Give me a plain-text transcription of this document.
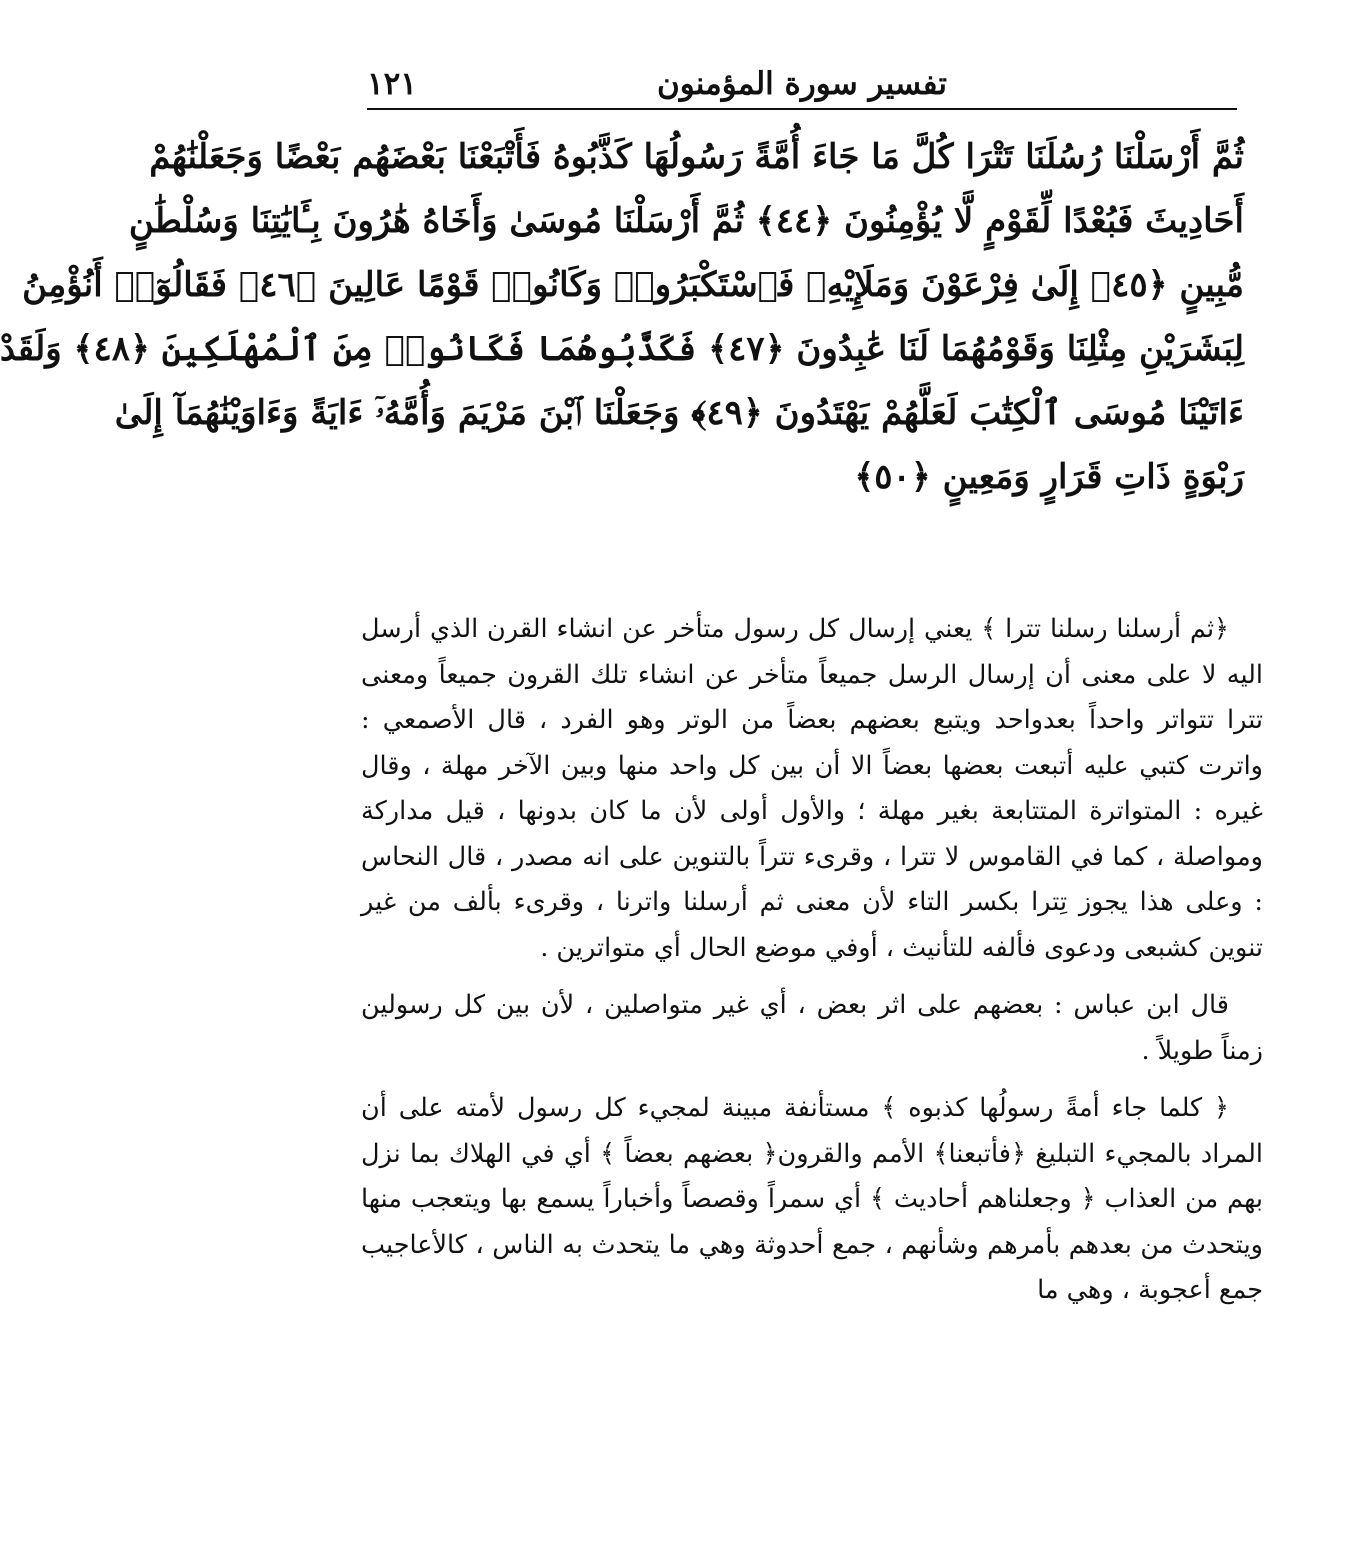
تفسير سورة المؤمنون
١٢١
ثُمَّ أَرْسَلْنَا رُسُلَنَا تَتْرَا كُلَّ مَا جَاءَ أُمَّةً رَسُولُهَا كَذَّبُوهُ فَأَتْبَعْنَا بَعْضَهُم بَعْضًا وَجَعَلْنَٰهُمْ
أَحَادِيثَ فَبُعْدًا لِّقَوْمٍ لَّا يُؤْمِنُونَ ﴿٤٤﴾ ثُمَّ أَرْسَلْنَا مُوسَىٰ وَأَخَاهُ هَٰرُونَ بِـَٔايَٰتِنَا وَسُلْطَٰنٍ
مُّبِينٍ ﴿٤٥﴾ إِلَىٰ فِرْعَوْنَ وَمَلَإِيْهِۦ فَٱسْتَكْبَرُوا۟ وَكَانُوا۟ قَوْمًا عَالِينَ ﴿٤٦﴾ فَقَالُوٓا۟ أَنُؤْمِنُ
لِبَشَرَيْنِ مِثْلِنَا وَقَوْمُهُمَا لَنَا عَٰبِدُونَ ﴿٤٧﴾ فَكَذَّبُوهُمَا فَكَانُوا۟ مِنَ ٱلْمُهْلَكِينَ ﴿٤٨﴾ وَلَقَدْ
ءَاتَيْنَا مُوسَى ٱلْكِتَٰبَ لَعَلَّهُمْ يَهْتَدُونَ ﴿٤٩﴾ وَجَعَلْنَا ٱبْنَ مَرْيَمَ وَأُمَّهُۥٓ ءَايَةً وَءَاوَيْنَٰهُمَآ إِلَىٰ
رَبْوَةٍ ذَاتِ قَرَارٍ وَمَعِينٍ ﴿٥٠﴾

﴿ثم أرسلنا رسلنا تترا ﴾ يعني إرسال كل رسول متأخر عن انشاء القرن الذي أرسل اليه لا على معنى أن إرسال الرسل جميعاً متأخر عن انشاء تلك القرون جميعاً ومعنى تترا تتواتر واحداً بعدواحد ويتبع بعضهم بعضاً من الوتر وهو الفرد ، قال الأصمعي : واترت كتبي عليه أتبعت بعضها بعضاً الا أن بين كل واحد منها وبين الآخر مهلة ، وقال غيره : المتواترة المتتابعة بغير مهلة ؛ والأول أولى لأن ما كان بدونها ، قيل مداركة ومواصلة ، كما في القاموس لا تترا ، وقرىء تتراً بالتنوين على انه مصدر ، قال النحاس : وعلى هذا يجوز تِترا بكسر التاء لأن معنى ثم أرسلنا واترنا ، وقرىء بألف من غير تنوين كشبعى ودعوى فألفه للتأنيث ، أوفي موضع الحال أي متواترين .

قال ابن عباس : بعضهم على اثر بعض ، أي غير متواصلين ، لأن بين كل رسولين زمناً طويلاً .

﴿ كلما جاء أمةً رسولُها كذبوه ﴾ مستأنفة مبينة لمجيء كل رسول لأمته على أن المراد بالمجيء التبليغ ﴿فأتبعنا﴾ الأمم والقرون﴿ بعضهم بعضاً ﴾ أي في الهلاك بما نزل بهم من العذاب ﴿ وجعلناهم أحاديث ﴾ أي سمراً وقصصاً وأخباراً يسمع بها ويتعجب منها ويتحدث من بعدهم بأمرهم وشأنهم ، جمع أحدوثة وهي ما يتحدث به الناس ، كالأعاجيب جمع أعجوبة ، وهي ما
